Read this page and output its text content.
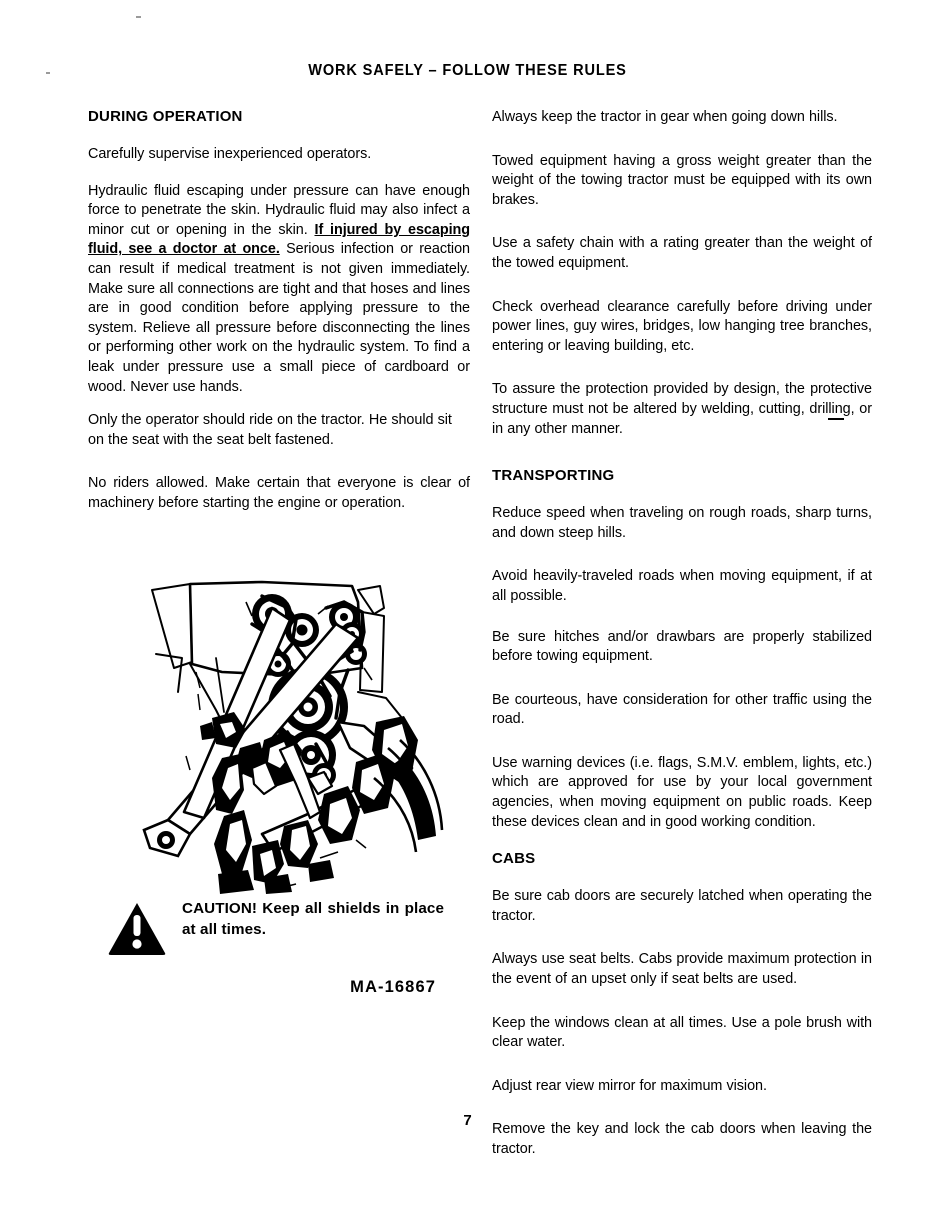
WORK SAFELY – FOLLOW THESE RULES
DURING OPERATION

Carefully supervise inexperienced operators.

Hydraulic fluid escaping under pressure can have enough force to penetrate the skin. Hydraulic fluid may also infect a minor cut or opening in the skin. If injured by escaping fluid, see a doctor at once. Serious infection or reaction can result if medical treatment is not given immediately. Make sure all connections are tight and that hoses and lines are in good condition before applying pressure to the system. Relieve all pressure before disconnecting the lines or performing other work on the hydraulic system. To find a leak under pressure use a small piece of cardboard or wood. Never use hands.

Only the operator should ride on the tractor. He should sit on the seat with the seat belt fastened.

No riders allowed. Make certain that everyone is clear of machinery before starting the engine or operation.

CAUTION! Keep all shields in place at all times.
MA-16867

Always keep the tractor in gear when going down hills.

Towed equipment having a gross weight greater than the weight of the towing tractor must be equipped with its own brakes.

Use a safety chain with a rating greater than the weight of the towed equipment.

Check overhead clearance carefully before driving under power lines, guy wires, bridges, low hanging tree branches, entering or leaving building, etc.

To assure the protection provided by design, the protective structure must not be altered by welding, cutting, drilling, or in any other manner.

TRANSPORTING

Reduce speed when traveling on rough roads, sharp turns, and down steep hills.

Avoid heavily-traveled roads when moving equipment, if at all possible.

Be sure hitches and/or drawbars are properly stabilized before towing equipment.

Be courteous, have consideration for other traffic using the road.

Use warning devices (i.e. flags, S.M.V. emblem, lights, etc.) which are approved for use by your local government agencies, when moving equipment on public roads. Keep these devices clean and in good working condition.

CABS

Be sure cab doors are securely latched when operating the tractor.

Always use seat belts. Cabs provide maximum protection in the event of an upset only if seat belts are used.

Keep the windows clean at all times. Use a pole brush with clear water.

Adjust rear view mirror for maximum vision.

Remove the key and lock the cab doors when leaving the tractor.

7
